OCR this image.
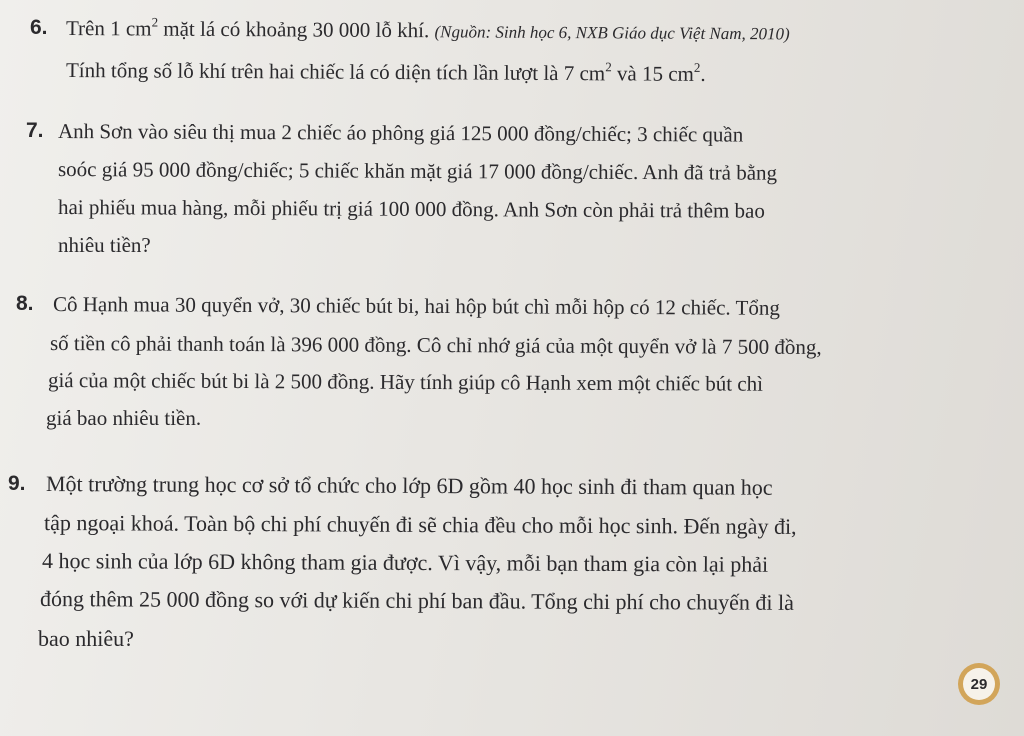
6. Trên 1 $cm^2$ mặt lá có khoảng 30 000 lỗ khí. (Nguồn: Sinh học 6, NXB Giáo dục Việt Nam, 2010)
Tính tổng số lỗ khí trên hai chiếc lá có diện tích lần lượt là 7 $cm^2$ và 15 $cm^2$.
7. Anh Sơn vào siêu thị mua 2 chiếc áo phông giá 125 000 đồng/chiếc; 3 chiếc quần
soóc giá 95 000 đồng/chiếc; 5 chiếc khăn mặt giá 17 000 đồng/chiếc. Anh đã trả bằng
hai phiếu mua hàng, mỗi phiếu trị giá 100 000 đồng. Anh Sơn còn phải trả thêm bao
nhiêu tiền?
8. Cô Hạnh mua 30 quyển vở, 30 chiếc bút bi, hai hộp bút chì mỗi hộp có 12 chiếc. Tổng
số tiền cô phải thanh toán là 396 000 đồng. Cô chỉ nhớ giá của một quyển vở là 7 500 đồng,
giá của một chiếc bút bi là 2 500 đồng. Hãy tính giúp cô Hạnh xem một chiếc bút chì
giá bao nhiêu tiền.
9. Một trường trung học cơ sở tổ chức cho lớp 6D gồm 40 học sinh đi tham quan học
tập ngoại khoá. Toàn bộ chi phí chuyến đi sẽ chia đều cho mỗi học sinh. Đến ngày đi,
4 học sinh của lớp 6D không tham gia được. Vì vậy, mỗi bạn tham gia còn lại phải
đóng thêm 25 000 đồng so với dự kiến chi phí ban đầu. Tổng chi phí cho chuyến đi là
bao nhiêu?
29
